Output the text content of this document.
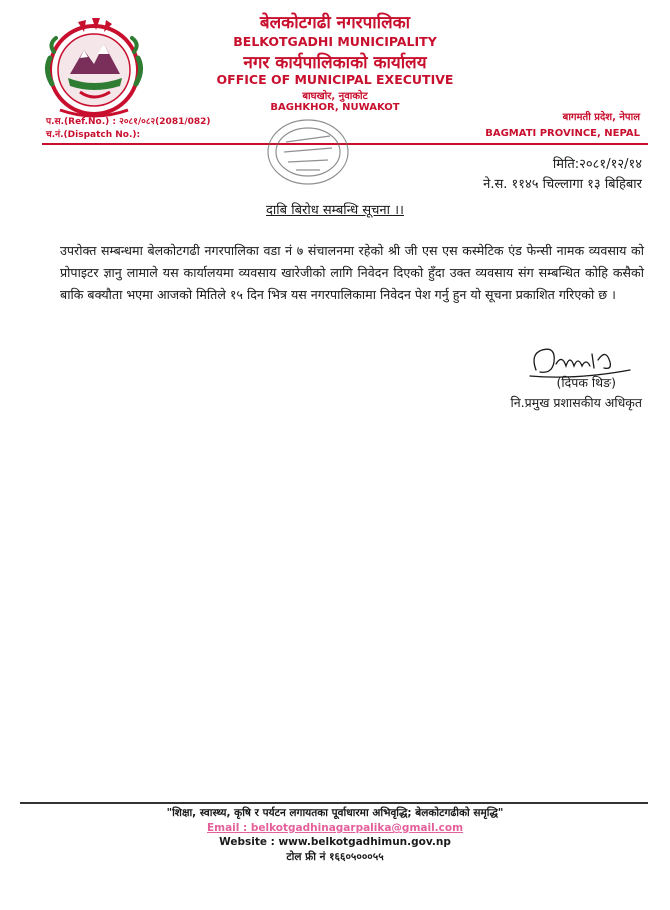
बेलकोटगढी नगरपालिका
BELKOTGADHI MUNICIPALITY
नगर कार्यपालिकाको कार्यालय
OFFICE OF MUNICIPAL EXECUTIVE
बाघखोर, नुवाकोट
BAGHKHOR, NUWAKOT
प.स.(Ref.No.) : २०८१/०८२(2081/082)
च.नं.(Dispatch No.):
बागमती प्रदेश, नेपाल
BAGMATI PROVINCE, NEPAL
मिति:२०८१/१२/१४
ने.स. ११४५ चिल्लागा १३ बिहिबार
दाबि बिरोध सम्बन्धि सूचना ।।
उपरोक्त सम्बन्धमा बेलकोटगढी नगरपालिका वडा नं ७ संचालनमा रहेको श्री जी एस एस कस्मेटिक एंड फेन्सी नामक व्यवसाय को प्रोपाइटर ज्ञानु लामाले यस कार्यालयमा व्यवसाय खारेजीको लागि निवेदन दिएको हुँदा उक्त व्यवसाय संग सम्बन्धित कोहि कसैको बाकि बक्यौता भएमा आजको मितिले १५ दिन भित्र यस नगरपालिकामा निवेदन पेश गर्नु हुन यो सूचना प्रकाशित गरिएको छ ।
(दिपक थिङ)
नि.प्रमुख प्रशासकीय अधिकृत
"शिक्षा, स्वास्थ्य, कृषि र पर्यटन लगायतका पूर्वाधारमा अभिवृद्धि; बेलकोटगढीको समृद्धि"
Email : belkotgadhinagarpalika@gmail.com
Website : www.belkotgadhimun.gov.np
टोल फ्री नं १६६०५०००५५
